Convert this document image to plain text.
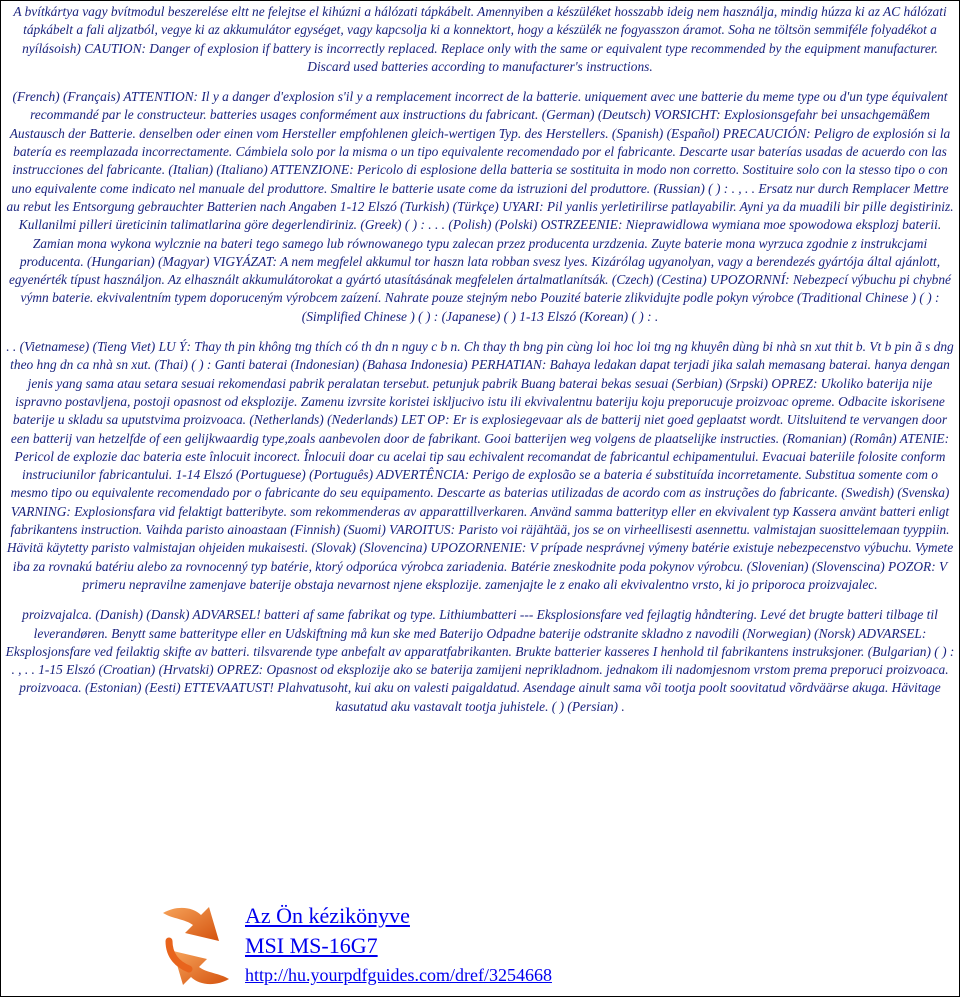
A bvítkártya vagy bvítmodul beszerelése eltt ne felejtse el kihúzni a hálózati tápkábelt. Amennyiben a készüléket hosszabb ideig nem használja, mindig húzza ki az AC hálózati tápkábelt a fali aljzatból, vegye ki az akkumulátor egységet, vagy kapcsolja ki a konnektort, hogy a készülék ne fogyasszon áramot. Soha ne töltsön semmiféle folyadékot a nyílásoish) CAUTION: Danger of explosion if battery is incorrectly replaced. Replace only with the same or equivalent type recommended by the equipment manufacturer. Discard used batteries according to manufacturer's instructions.

(French) (Français) ATTENTION: Il y a danger d'explosion s'il y a remplacement incorrect de la batterie. uniquement avec une batterie du meme type ou d'un type équivalent recommandé par le constructeur. batteries usages conformément aux instructions du fabricant. (German) (Deutsch) VORSICHT: Explosionsgefahr bei unsachgemäßem Austausch der Batterie. denselben oder einen vom Hersteller empfohlenen gleich-wertigen Typ. des Herstellers. (Spanish) (Español) PRECAUCIÓN: Peligro de explosión si la batería es reemplazada incorrectamente. Cámbiela solo por la misma o un tipo equivalente recomendado por el fabricante. Descarte usar baterías usadas de acuerdo con las instrucciones del fabricante. (Italian) (Italiano) ATTENZIONE: Pericolo di esplosione della batteria se sostituita in modo non corretto. Sostituire solo con la stesso tipo o con uno equivalente come indicato nel manuale del produttore. Smaltire le batterie usate come da istruzioni del produttore. (Russian) ( ) : . , . . Ersatz nur durch Remplacer Mettre au rebut les Entsorgung gebrauchter Batterien nach Angaben 1-12 Elszó (Turkish) (Türkçe) UYARI: Pil yanlis yerletirilirse patlayabilir. Ayni ya da muadili bir pille degistiriniz. Kullanilmi pilleri üreticinin talimatlarina göre degerlendiriniz. (Greek) ( ) : . . . (Polish) (Polski) OSTRZEENIE: Nieprawidlowa wymiana moe spowodowa eksplozj baterii. Zamian mona wykona wylcznie na bateri tego samego lub równowanego typu zalecan przez producenta urzdzenia. Zuyte baterie mona wyrzuca zgodnie z instrukcjami producenta. (Hungarian) (Magyar) VIGYÁZAT: A nem megfelel akkumul tor haszn lata robban svesz lyes. Kizárólag ugyanolyan, vagy a berendezés gyártója által ajánlott, egyenérték típust használjon. Az elhasznált akkumulátorokat a gyártó utasításának megfelelen ártalmatlanítsák. (Czech) (Cestina) UPOZORNNÍ: Nebezpecí výbuchu pi chybné výmn baterie. ekvivalentním typem doporuceným výrobcem zaízení. Nahrate pouze stejným nebo Pouzité baterie zlikvidujte podle pokyn výrobce (Traditional Chinese ) ( ) : (Simplified Chinese ) ( ) : (Japanese) ( ) 1-13 Elszó (Korean) ( ) : .

. . (Vietnamese) (Tieng Viet) LU Ý: Thay th pin không tng thích có th dn n nguy c b n. Ch thay th bng pin cùng loi hoc loi tng ng khuyên dùng bi nhà sn xut thit b. Vt b pin ã s dng theo hng dn ca nhà sn xut. (Thai) ( ) : Ganti baterai (Indonesian) (Bahasa Indonesia) PERHATIAN: Bahaya ledakan dapat terjadi jika salah memasang baterai. hanya dengan jenis yang sama atau setara sesuai rekomendasi pabrik peralatan tersebut. petunjuk pabrik Buang baterai bekas sesuai (Serbian) (Srpski) OPREZ: Ukoliko baterija nije ispravno postavljena, postoji opasnost od eksplozije. Zamenu izvrsite koristei iskljucivo istu ili ekvivalentnu bateriju koju preporucuje proizvoac opreme. Odbacite iskorisene baterije u skladu sa uputstvima proizvoaca. (Netherlands) (Nederlands) LET OP: Er is explosiegevaar als de batterij niet goed geplaatst wordt. Uitsluitend te vervangen door een batterij van hetzelfde of een gelijkwaardig type,zoals aanbevolen door de fabrikant. Gooi batterijen weg volgens de plaatselijke instructies. (Romanian) (Român) ATENIE: Pericol de explozie dac bateria este înlocuit incorect. Înlocuii doar cu acelai tip sau echivalent recomandat de fabricantul echipamentului. Evacuai bateriile folosite conform instruciunilor fabricantului. 1-14 Elszó (Portuguese) (Português) ADVERTÊNCIA: Perigo de explosão se a bateria é substituída incorretamente. Substitua somente com o mesmo tipo ou equivalente recomendado por o fabricante do seu equipamento. Descarte as baterias utilizadas de acordo com as instruções do fabricante. (Swedish) (Svenska) VARNING: Explosionsfara vid felaktigt batteribyte. som rekommenderas av apparattillverkaren. Använd samma batterityp eller en ekvivalent typ Kassera använt batteri enligt fabrikantens instruction. Vaihda paristo ainoastaan (Finnish) (Suomi) VAROITUS: Paristo voi räjähtää, jos se on virheellisesti asennettu. valmistajan suosittelemaan tyyppiin. Hävitä käytetty paristo valmistajan ohjeiden mukaisesti. (Slovak) (Slovencina) UPOZORNENIE: V prípade nesprávnej výmeny batérie existuje nebezpecenstvo výbuchu. Vymete iba za rovnakú batériu alebo za rovnocenný typ batérie, ktorý odporúca výrobca zariadenia. Batérie zneskodnite poda pokynov výrobcu. (Slovenian) (Slovenscina) POZOR: V primeru nepravilne zamenjave baterije obstaja nevarnost njene eksplozije. zamenjajte le z enako ali ekvivalentno vrsto, ki jo priporoca proizvajalec.

proizvajalca. (Danish) (Dansk) ADVARSEL! batteri af same fabrikat og type. Lithiumbatteri --- Eksplosionsfare ved fejlagtig håndtering. Levé det brugte batteri tilbage til leverandøren. Benytt same batteritype eller en Udskiftning må kun ske med Baterijo Odpadne baterije odstranite skladno z navodili (Norwegian) (Norsk) ADVARSEL: Eksplosjonsfare ved feilaktig skifte av batteri. tilsvarende type anbefalt av apparatfabrikanten. Brukte batterier kasseres I henhold til fabrikantens instruksjoner. (Bulgarian) ( ) : . , . . 1-15 Elszó (Croatian) (Hrvatski) OPREZ: Opasnost od eksplozije ako se baterija zamijeni neprikladnom. jednakom ili nadomjesnom vrstom prema preporuci proizvoaca. proizvoaca. (Estonian) (Eesti) ETTEVAATUST! Plahvatusoht, kui aku on valesti paigaldatud. Asendage ainult sama või tootja poolt soovitatud võrdväärse akuga. Hävitage kasutatud aku vastavalt tootja juhistele. ( ) (Persian) .

Az Ön kézikönyve
MSI MS-16G7
http://hu.yourpdfguides.com/dref/3254668
